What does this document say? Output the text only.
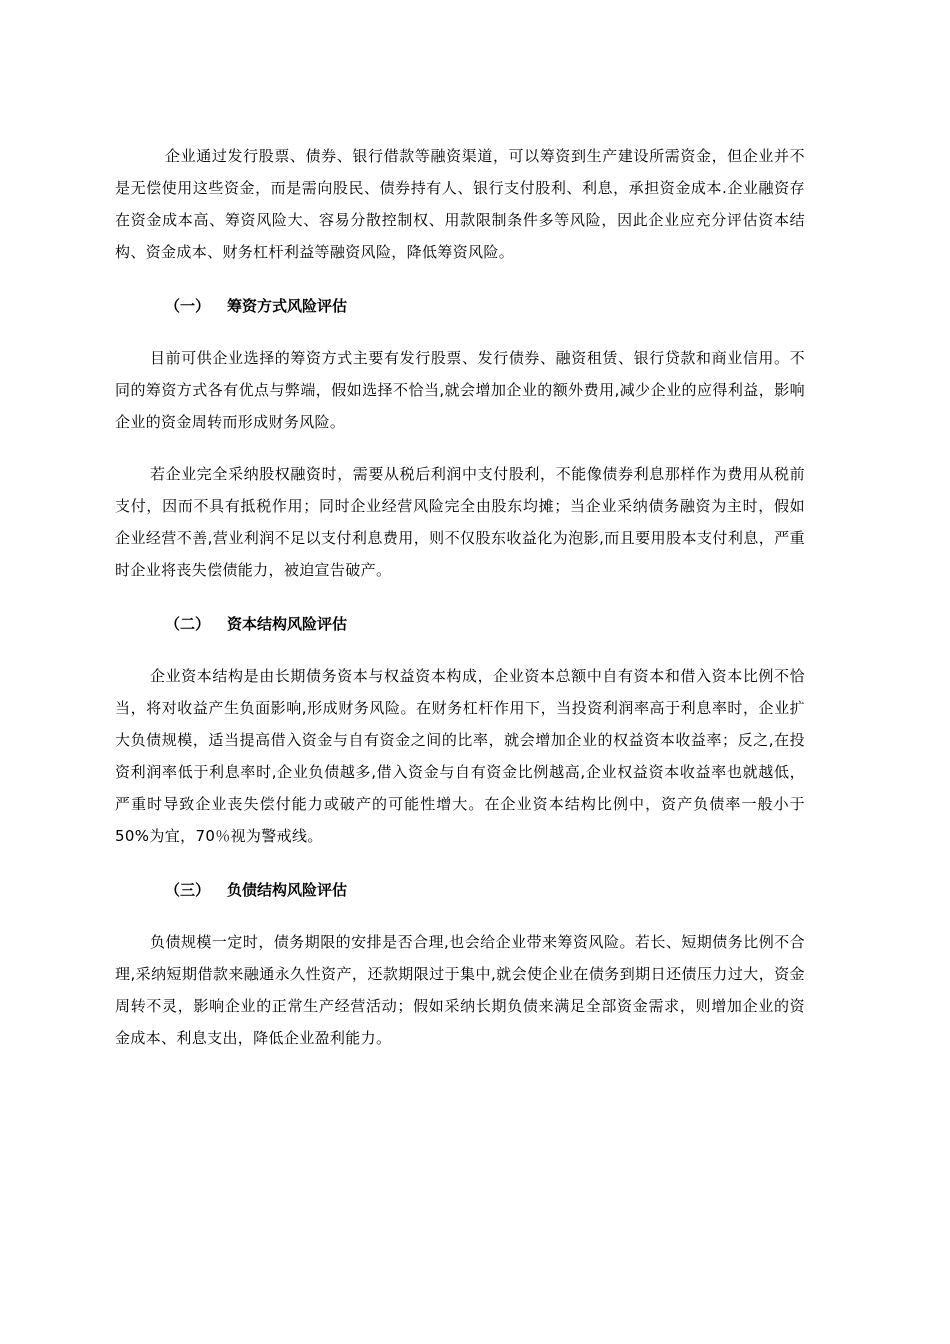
企业通过发行股票、债券、银行借款等融资渠道，可以筹资到生产建设所需资金，但企业并不是无偿使用这些资金，而是需向股民、债券持有人、银行支付股利、利息，承担资金成本.企业融资存在资金成本高、筹资风险大、容易分散控制权、用款限制条件多等风险，因此企业应充分评估资本结构、资金成本、财务杠杆利益等融资风险，降低筹资风险。

（一） 筹资方式风险评估

目前可供企业选择的筹资方式主要有发行股票、发行债券、融资租赁、银行贷款和商业信用。不同的筹资方式各有优点与弊端，假如选择不恰当,就会增加企业的额外费用,减少企业的应得利益，影响企业的资金周转而形成财务风险。

若企业完全采纳股权融资时，需要从税后利润中支付股利，不能像债券利息那样作为费用从税前支付，因而不具有抵税作用；同时企业经营风险完全由股东均摊；当企业采纳债务融资为主时，假如企业经营不善,营业利润不足以支付利息费用，则不仅股东收益化为泡影,而且要用股本支付利息，严重时企业将丧失偿债能力，被迫宣告破产。

（二） 资本结构风险评估

企业资本结构是由长期债务资本与权益资本构成，企业资本总额中自有资本和借入资本比例不恰当，将对收益产生负面影响,形成财务风险。在财务杠杆作用下，当投资利润率高于利息率时，企业扩大负债规模，适当提高借入资金与自有资金之间的比率，就会增加企业的权益资本收益率；反之,在投资利润率低于利息率时,企业负债越多,借入资金与自有资金比例越高,企业权益资本收益率也就越低，严重时导致企业丧失偿付能力或破产的可能性增大。在企业资本结构比例中，资产负债率一般小于50%为宜，70％视为警戒线。

（三） 负债结构风险评估

负债规模一定时，债务期限的安排是否合理,也会给企业带来筹资风险。若长、短期债务比例不合理,采纳短期借款来融通永久性资产，还款期限过于集中,就会使企业在债务到期日还债压力过大，资金周转不灵，影响企业的正常生产经营活动；假如采纳长期负债来满足全部资金需求，则增加企业的资金成本、利息支出，降低企业盈利能力。
